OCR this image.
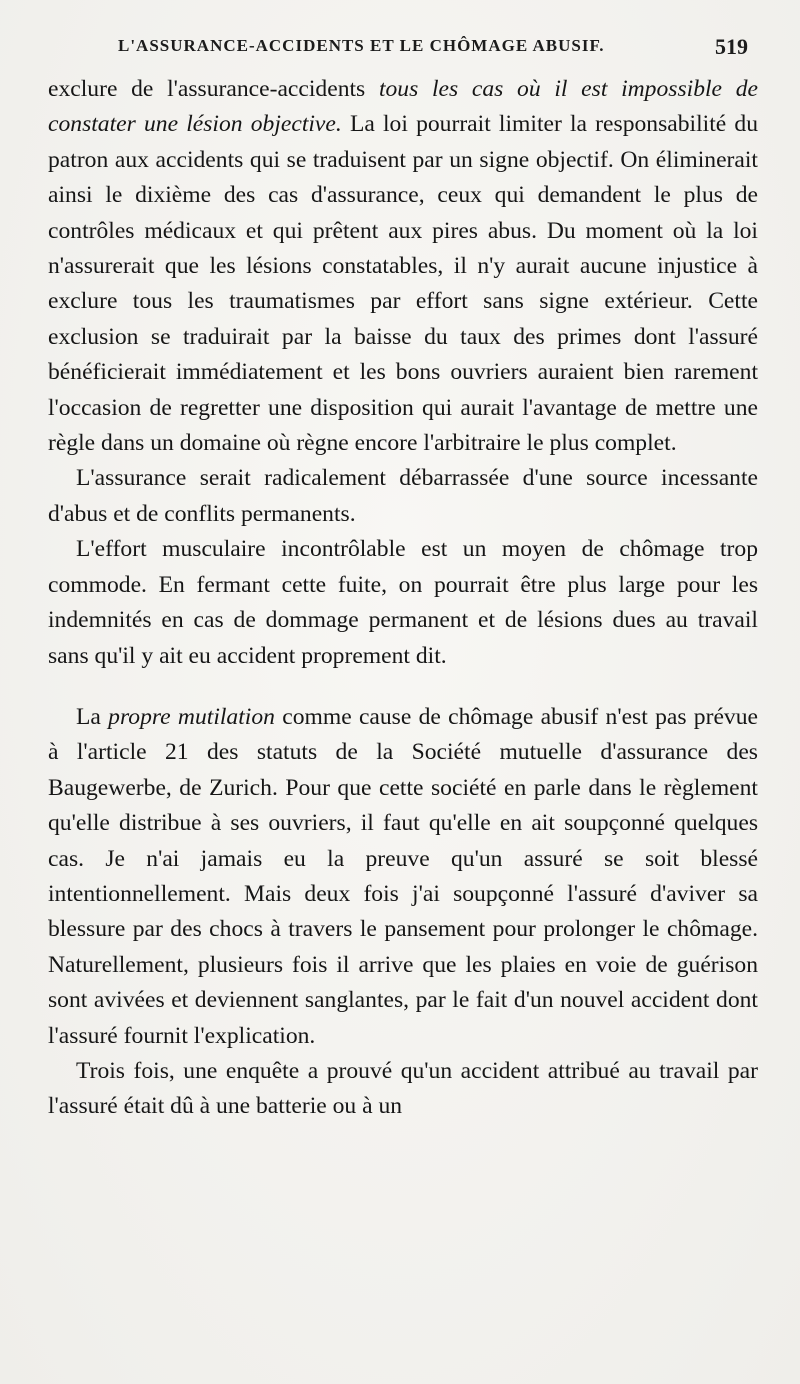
L'ASSURANCE-ACCIDENTS ET LE CHÔMAGE ABUSIF.	519

exclure de l'assurance-accidents tous les cas où il est impossible de constater une lésion objective. La loi pourrait limiter la responsabilité du patron aux accidents qui se traduisent par un signe objectif. On éliminerait ainsi le dixième des cas d'assurance, ceux qui demandent le plus de contrôles médicaux et qui prêtent aux pires abus. Du moment où la loi n'assurerait que les lésions constatables, il n'y aurait aucune injustice à exclure tous les traumatismes par effort sans signe extérieur. Cette exclusion se traduirait par la baisse du taux des primes dont l'assuré bénéficierait immédiatement et les bons ouvriers auraient bien rarement l'occasion de regretter une disposition qui aurait l'avantage de mettre une règle dans un domaine où règne encore l'arbitraire le plus complet.

L'assurance serait radicalement débarrassée d'une source incessante d'abus et de conflits permanents.

L'effort musculaire incontrôlable est un moyen de chômage trop commode. En fermant cette fuite, on pourrait être plus large pour les indemnités en cas de dommage permanent et de lésions dues au travail sans qu'il y ait eu accident proprement dit.

La propre mutilation comme cause de chômage abusif n'est pas prévue à l'article 21 des statuts de la Société mutuelle d'assurance des Baugewerbe, de Zurich. Pour que cette société en parle dans le règlement qu'elle distribue à ses ouvriers, il faut qu'elle en ait soupçonné quelques cas. Je n'ai jamais eu la preuve qu'un assuré se soit blessé intentionnellement. Mais deux fois j'ai soupçonné l'assuré d'aviver sa blessure par des chocs à travers le pansement pour prolonger le chômage. Naturellement, plusieurs fois il arrive que les plaies en voie de guérison sont avivées et deviennent sanglantes, par le fait d'un nouvel accident dont l'assuré fournit l'explication.

Trois fois, une enquête a prouvé qu'un accident attribué au travail par l'assuré était dû à une batterie ou à un
